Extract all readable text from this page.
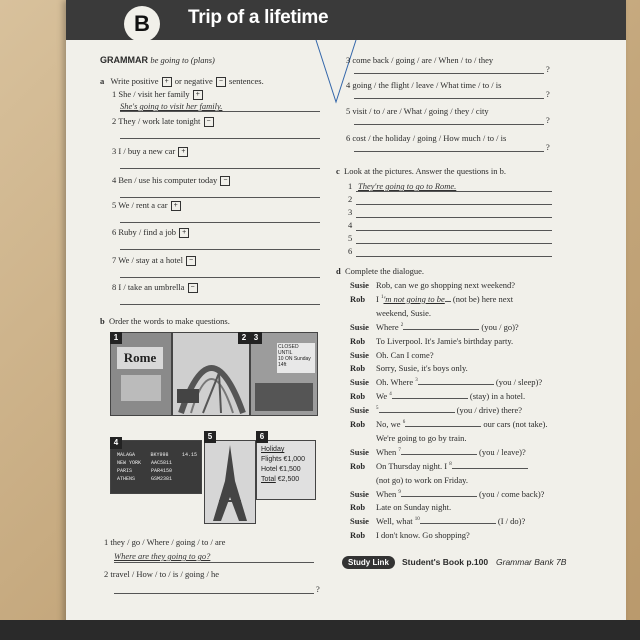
B	Trip of a lifetime
GRAMMAR be going to (plans)
a Write positive + or negative − sentences.
1 She / visit her family +
She's going to visit her family.
2 They / work late tonight −
3 I / buy a new car +
4 Ben / use his computer today −
5 We / rent a car +
6 Ruby / find a job +
7 We / stay at a hotel −
8 I / take an umbrella −
b Order the words to make questions.
Rome
1	2
CLOSED UNTIL
10 ON Sunday
14ft
3
MALAGA	BKY998	14.15
NEW YORK	AAC5811
PARIS	PAR4150
ATHENS	GSM2381
4
5
Holiday
Flights €1,000
Hotel €1,500
Total €2,500
6
1 they / go / Where / going / to / are
Where are they going to go?
2 travel / How / to / is / going / he
?
3 come back / going / are / When / to / they
?
4 going / the flight / leave / What time / to / is
?
5 visit / to / are / What / going / they / city
?
6 cost / the holiday / going / How much / to / is
?
c Look at the pictures. Answer the questions in b.
1 They're going to go to Rome.
2
3
4
5
6
d Complete the dialogue.
Susie Rob, can we go shopping next weekend?
Rob I $^1$'m not going to be (not be) here next
weekend, Susie.
Susie Where $^2$	(you / go)?
Rob To Liverpool. It's Jamie's birthday party.
Susie Oh. Can I come?
Rob Sorry, Susie, it's boys only.
Susie Oh. Where $^3$	(you / sleep)?
Rob We $^4$	(stay) in a hotel.
Susie $^5$	(you / drive) there?
Rob No, we $^6$	our cars (not take).
We're going to go by train.
Susie When $^7$	(you / leave)?
Rob On Thursday night. I $^8$
(not go) to work on Friday.
Susie When $^9$	(you / come back)?
Rob Late on Sunday night.
Susie Well, what $^{10}$	(I / do)?
Rob I don't know. Go shopping?
Study Link	Student's Book p.100 Grammar Bank 7B
